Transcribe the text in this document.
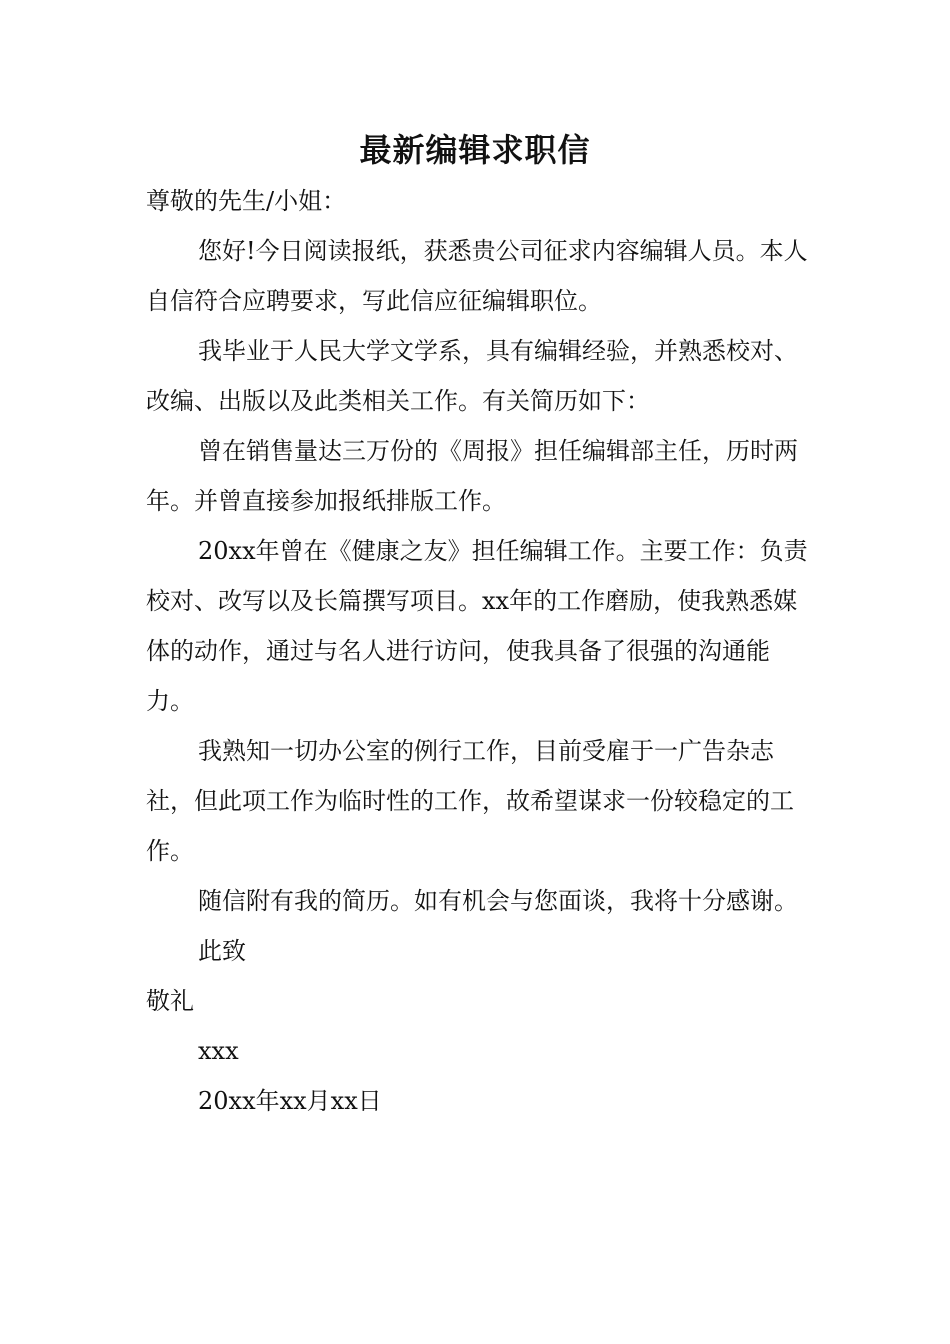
最新编辑求职信

尊敬的先生/小姐：

您好!今日阅读报纸，获悉贵公司征求内容编辑人员。本人自信符合应聘要求，写此信应征编辑职位。

我毕业于人民大学文学系，具有编辑经验，并熟悉校对、改编、出版以及此类相关工作。有关简历如下：

曾在销售量达三万份的《周报》担任编辑部主任，历时两年。并曾直接参加报纸排版工作。

20xx年曾在《健康之友》担任编辑工作。主要工作：负责校对、改写以及长篇撰写项目。xx年的工作磨励，使我熟悉媒体的动作，通过与名人进行访问，使我具备了很强的沟通能力。

我熟知一切办公室的例行工作，目前受雇于一广告杂志社，但此项工作为临时性的工作，故希望谋求一份较稳定的工作。

随信附有我的简历。如有机会与您面谈，我将十分感谢。

此致

敬礼

xxx

20xx年xx月xx日
